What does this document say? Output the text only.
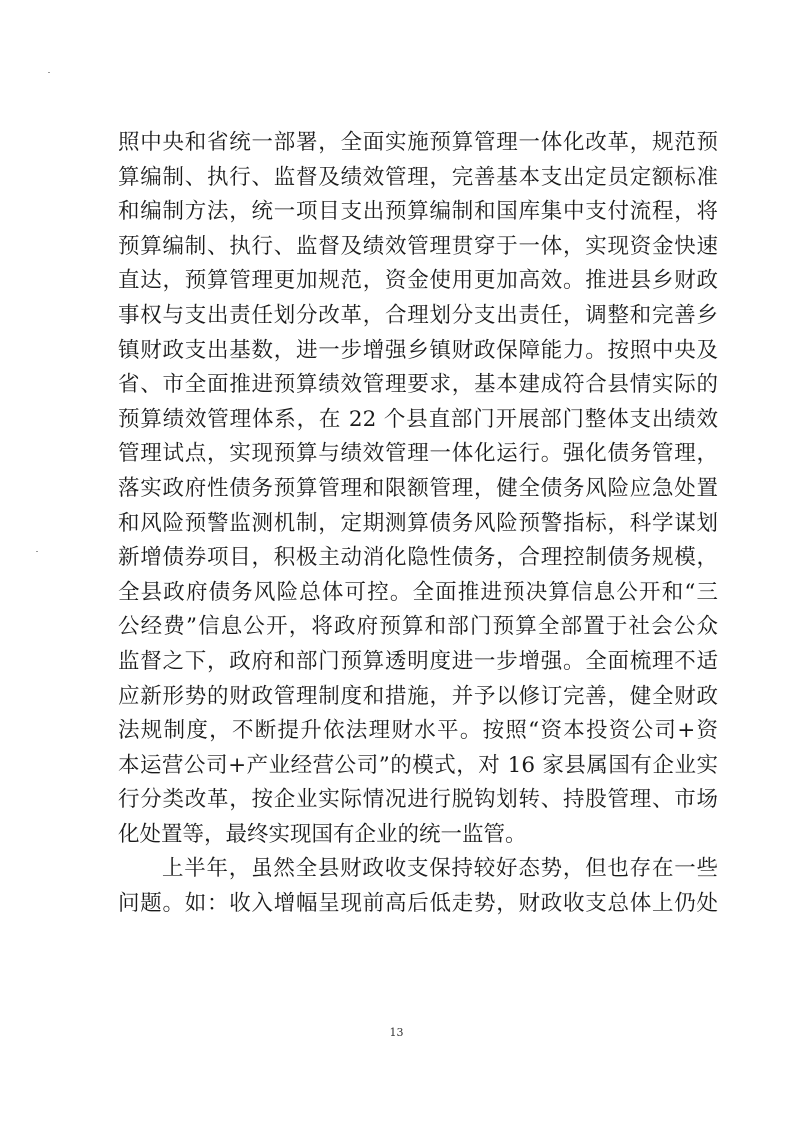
照中央和省统一部署，全面实施预算管理一体化改革，规范预
算编制、执行、监督及绩效管理，完善基本支出定员定额标准
和编制方法，统一项目支出预算编制和国库集中支付流程，将
预算编制、执行、监督及绩效管理贯穿于一体，实现资金快速
直达，预算管理更加规范，资金使用更加高效。推进县乡财政
事权与支出责任划分改革，合理划分支出责任，调整和完善乡
镇财政支出基数，进一步增强乡镇财政保障能力。按照中央及
省、市全面推进预算绩效管理要求，基本建成符合县情实际的
预算绩效管理体系，在 22 个县直部门开展部门整体支出绩效
管理试点，实现预算与绩效管理一体化运行。强化债务管理，
落实政府性债务预算管理和限额管理，健全债务风险应急处置
和风险预警监测机制，定期测算债务风险预警指标，科学谋划
新增债券项目，积极主动消化隐性债务，合理控制债务规模，
全县政府债务风险总体可控。全面推进预决算信息公开和“三
公经费”信息公开，将政府预算和部门预算全部置于社会公众
监督之下，政府和部门预算透明度进一步增强。全面梳理不适
应新形势的财政管理制度和措施，并予以修订完善，健全财政
法规制度，不断提升依法理财水平。按照“资本投资公司+资
本运营公司+产业经营公司”的模式，对 16 家县属国有企业实
行分类改革，按企业实际情况进行脱钩划转、持股管理、市场
化处置等，最终实现国有企业的统一监管。
上半年，虽然全县财政收支保持较好态势，但也存在一些
问题。如：收入增幅呈现前高后低走势，财政收支总体上仍处
13
